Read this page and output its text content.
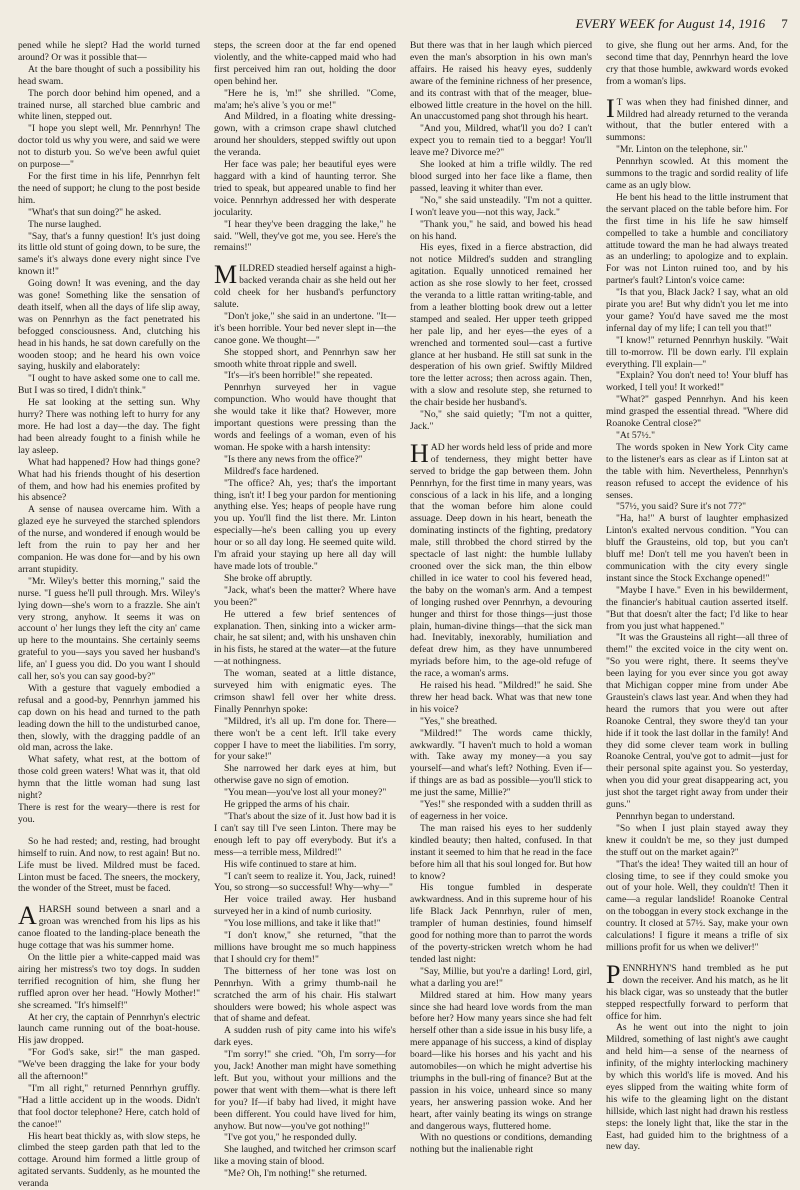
EVERY WEEK for August 14, 1916 7

pened while he slept? Had the world turned around? Or was it possible that—

At the bare thought of such a possibility his head swam.

The porch door behind him opened, and a trained nurse, all starched blue cambric and white linen, stepped out.

"I hope you slept well, Mr. Pennrhyn! The doctor told us why you were, and said we were not to disturb you. So we've been awful quiet on purpose—"

For the first time in his life, Pennrhyn felt the need of support; he clung to the post beside him.

"What's that sun doing?" he asked.

The nurse laughed.

"Say, that's a funny question! It's just doing its little old stunt of going down, to be sure, the same's it's always done every night since I've known it!"

Going down! It was evening, and the day was gone! Something like the sensation of death itself, when all the days of life slip away, was on Pennrhyn as the fact penetrated his befogged consciousness. And, clutching his head in his hands, he sat down carefully on the wooden stoop; and he heard his own voice saying, huskily and elaborately:

"I ought to have asked some one to call me. But I was so tired, I didn't think."

He sat looking at the setting sun. Why hurry? There was nothing left to hurry for any more. He had lost a day—the day. The fight had been already fought to a finish while he lay asleep.

What had happened? How had things gone? What had his friends thought of his desertion of them, and how had his enemies profited by his absence?

A sense of nausea overcame him. With a glazed eye he surveyed the starched splendors of the nurse, and wondered if enough would be left from the ruin to pay her and her companion. He was done for—and by his own arrant stupidity.

"Mr. Wiley's better this morning," said the nurse. "I guess he'll pull through. Mrs. Wiley's lying down—she's worn to a frazzle. She ain't very strong, anyhow. It seems it was on account o' her lungs they left the city an' came up here to the mountains. She certainly seems grateful to you—says you saved her husband's life, an' I guess you did. Do you want I should call her, so's you can say good-by?"

With a gesture that vaguely embodied a refusal and a good-by, Pennrhyn jammed his cap down on his head and turned to the path leading down the hill to the undisturbed canoe, then, slowly, with the dragging paddle of an old man, across the lake.

What safety, what rest, at the bottom of those cold green waters! What was it, that old hymn that the little woman had sung last night?

There is rest for the weary—there is rest for you.

So he had rested; and, resting, had brought himself to ruin. And now, to rest again! But no. Life must be lived. Mildred must be faced. Linton must be faced. The sneers, the mockery, the wonder of the Street, must be faced.

AHARSH sound between a snarl and a groan was wrenched from his lips as his canoe floated to the landing-place beneath the huge cottage that was his summer home.

On the little pier a white-capped maid was airing her mistress's two toy dogs. In sudden terrified recognition of him, she flung her ruffled apron over her head. "Howly Mother!" she screamed. "It's himself!"

At her cry, the captain of Pennrhyn's electric launch came running out of the boat-house. His jaw dropped.

"For God's sake, sir!" the man gasped. "We've been dragging the lake for your body all the afternoon!"

"I'm all right," returned Pennrhyn gruffly. "Had a little accident up in the woods. Didn't that fool doctor telephone? Here, catch hold of the canoe!"

His heart beat thickly as, with slow steps, he climbed the steep garden path that led to the cottage. Around him formed a little group of agitated servants. Suddenly, as he mounted the veranda

steps, the screen door at the far end opened violently, and the white-capped maid who had first perceived him ran out, holding the door open behind her.

"Here he is, 'm!" she shrilled. "Come, ma'am; he's alive 's you or me!"

And Mildred, in a floating white dressing-gown, with a crimson crape shawl clutched around her shoulders, stepped swiftly out upon the veranda.

Her face was pale; her beautiful eyes were haggard with a kind of haunting terror. She tried to speak, but appeared unable to find her voice. Pennrhyn addressed her with desperate jocularity.

"I hear they've been dragging the lake," he said. "Well, they've got me, you see. Here's the remains!"

MILDRED steadied herself against a high-backed veranda chair as she held out her cold cheek for her husband's perfunctory salute.

"Don't joke," she said in an undertone. "It—it's been horrible. Your bed never slept in—the canoe gone. We thought—"

She stopped short, and Pennrhyn saw her smooth white throat ripple and swell.

"It's—it's been horrible!" she repeated.

Pennrhyn surveyed her in vague compunction. Who would have thought that she would take it like that? However, more important questions were pressing than the words and feelings of a woman, even of his woman. He spoke with a harsh intensity:

"Is there any news from the office?"

Mildred's face hardened.

"The office? Ah, yes; that's the important thing, isn't it! I beg your pardon for mentioning anything else. Yes; heaps of people have rung you up. You'll find the list there. Mr. Linton especially—he's been calling you up every hour or so all day long. He seemed quite wild. I'm afraid your staying up here all day will have made lots of trouble."

She broke off abruptly.

"Jack, what's been the matter? Where have you been?"

He uttered a few brief sentences of explanation. Then, sinking into a wicker arm-chair, he sat silent; and, with his unshaven chin in his fists, he stared at the water—at the future—at nothingness.

The woman, seated at a little distance, surveyed him with enigmatic eyes. The crimson shawl fell over her white dress. Finally Pennrhyn spoke:

"Mildred, it's all up. I'm done for. There—there won't be a cent left. It'll take every copper I have to meet the liabilities. I'm sorry, for your sake!"

She narrowed her dark eyes at him, but otherwise gave no sign of emotion.

"You mean—you've lost all your money?"

He gripped the arms of his chair.

"That's about the size of it. Just how bad it is I can't say till I've seen Linton. There may be enough left to pay off everybody. But it's a mess—a terrible mess, Mildred!"

His wife continued to stare at him.

"I can't seem to realize it. You, Jack, ruined! You, so strong—so successful! Why—why—"

Her voice trailed away. Her husband surveyed her in a kind of numb curiosity.

"You lose millions, and take it like that!"

"I don't know," she returned, "that the millions have brought me so much happiness that I should cry for them!"

The bitterness of her tone was lost on Pennrhyn. With a grimy thumb-nail he scratched the arm of his chair. His stalwart shoulders were bowed; his whole aspect was that of shame and defeat.

A sudden rush of pity came into his wife's dark eyes.

"I'm sorry!" she cried. "Oh, I'm sorry—for you, Jack! Another man might have something left. But you, without your millions and the power that went with them—what is there left for you? If—if baby had lived, it might have been different. You could have lived for him, anyhow. But now—you've got nothing!"

"I've got you," he responded dully.

She laughed, and twitched her crimson scarf like a moving stain of blood.

"Me? Oh, I'm nothing!" she returned.

But there was that in her laugh which pierced even the man's absorption in his own man's affairs. He raised his heavy eyes, suddenly aware of the feminine richness of her presence, and its contrast with that of the meager, blue-elbowed little creature in the hovel on the hill. An unaccustomed pang shot through his heart.

"And you, Mildred, what'll you do? I can't expect you to remain tied to a beggar! You'll leave me? Divorce me?"

She looked at him a trifle wildly. The red blood surged into her face like a flame, then passed, leaving it whiter than ever.

"No," she said unsteadily. "I'm not a quitter. I won't leave you—not this way, Jack."

"Thank you," he said, and bowed his head on his hand.

His eyes, fixed in a fierce abstraction, did not notice Mildred's sudden and strangling agitation. Equally unnoticed remained her action as she rose slowly to her feet, crossed the veranda to a little rattan writing-table, and from a leather blotting book drew out a letter stamped and sealed. Her upper teeth gripped her pale lip, and her eyes—the eyes of a wrenched and tormented soul—cast a furtive glance at her husband. He still sat sunk in the desperation of his own grief. Swiftly Mildred tore the letter across; then across again. Then, with a slow and resolute step, she returned to the chair beside her husband's.

"No," she said quietly; "I'm not a quitter, Jack."

HAD her words held less of pride and more of tenderness, they might better have served to bridge the gap between them. John Pennrhyn, for the first time in many years, was conscious of a lack in his life, and a longing that the woman before him alone could assuage. Deep down in his heart, beneath the dominating instincts of the fighting, predatory male, still throbbed the chord stirred by the spectacle of last night: the humble lullaby crooned over the sick man, the thin elbow chilled in ice water to cool his fevered head, the baby on the woman's arm. And a tempest of longing rushed over Pennrhyn, a devouring hunger and thirst for those things—just those plain, human-divine things—that the sick man had. Inevitably, inexorably, humiliation and defeat drew him, as they have unnumbered myriads before him, to the age-old refuge of the race, a woman's arms.

He raised his head. "Mildred!" he said. She threw her head back. What was that new tone in his voice?

"Yes," she breathed.

"Mildred!" The words came thickly, awkwardly. "I haven't much to hold a woman with. Take away my money—a you say yourself—and what's left? Nothing. Even if—if things are as bad as possible—you'll stick to me just the same, Millie?"

"Yes!" she responded with a sudden thrill as of eagerness in her voice.

The man raised his eyes to her suddenly kindled beauty; then halted, confused. In that instant it seemed to him that he read in the face before him all that his soul longed for. But how to know?

His tongue fumbled in desperate awkwardness. And in this supreme hour of his life Black Jack Pennrhyn, ruler of men, trampler of human destinies, found himself good for nothing more than to parrot the words of the poverty-stricken wretch whom he had tended last night:

"Say, Millie, but you're a darling! Lord, girl, what a darling you are!"

Mildred stared at him. How many years since she had heard love words from the man before her? How many years since she had felt herself other than a side issue in his busy life, a mere appanage of his success, a kind of display board—like his horses and his yacht and his automobiles—on which he might advertise his triumphs in the bull-ring of finance? But at the passion in his voice, unheard since so many years, her answering passion woke. And her heart, after vainly beating its wings on strange and dangerous ways, fluttered home.

With no questions or conditions, demanding nothing but the inalienable right

to give, she flung out her arms. And, for the second time that day, Pennrhyn heard the love cry that those humble, awkward words evoked from a woman's lips.

IT was when they had finished dinner, and Mildred had already returned to the veranda without, that the butler entered with a summons:

"Mr. Linton on the telephone, sir."

Pennrhyn scowled. At this moment the summons to the tragic and sordid reality of life came as an ugly blow.

He bent his head to the little instrument that the servant placed on the table before him. For the first time in his life he saw himself compelled to take a humble and conciliatory attitude toward the man he had always treated as an underling; to apologize and to explain. For was not Linton ruined too, and by his partner's fault? Linton's voice came:

"Is that you, Black Jack? I say, what an old pirate you are! But why didn't you let me into your game? You'd have saved me the most infernal day of my life; I can tell you that!"

"I know!" returned Pennrhyn huskily. "Wait till to-morrow. I'll be down early. I'll explain everything. I'll explain—"

"Explain? You don't need to! Your bluff has worked, I tell you! It worked!"

"What?" gasped Pennrhyn. And his keen mind grasped the essential thread. "Where did Roanoke Central close?"

"At 57½."

The words spoken in New York City came to the listener's ears as clear as if Linton sat at the table with him. Nevertheless, Pennrhyn's reason refused to accept the evidence of his senses.

"57½, you said? Sure it's not 77?"

"Ha, ha!" A burst of laughter emphasized Linton's exalted nervous condition. "You can bluff the Grausteins, old top, but you can't bluff me! Don't tell me you haven't been in communication with the city every single instant since the Stock Exchange opened!"

"Maybe I have." Even in his bewilderment, the financier's habitual caution asserted itself. "But that doesn't alter the fact; I'd like to hear from you just what happened."

"It was the Grausteins all right—all three of them!" the excited voice in the city went on. "So you were right, there. It seems they've been laying for you ever since you got away that Michigan copper mine from under Abe Graustein's claws last year. And when they had heard the rumors that you were out after Roanoke Central, they swore they'd tan your hide if it took the last dollar in the family! And they did some clever team work in bulling Roanoke Central, you've got to admit—just for their personal spite against you. So yesterday, when you did your great disappearing act, you just shot the target right away from under their guns."

Pennrhyn began to understand.

"So when I just plain stayed away they knew it couldn't be me, so they just dumped the stuff out on the market again?"

"That's the idea! They waited till an hour of closing time, to see if they could smoke you out of your hole. Well, they couldn't! Then it came—a regular landslide! Roanoke Central on the toboggan in every stock exchange in the country. It closed at 57½. Say, make your own calculations! I figure it means a trifle of six millions profit for us when we deliver!"

PENNRHYN'S hand trembled as he put down the receiver. And his match, as he lit his black cigar, was so unsteady that the butler stepped respectfully forward to perform that office for him.

As he went out into the night to join Mildred, something of last night's awe caught and held him—a sense of the nearness of infinity, of the mighty interlocking machinery by which this world's life is moved. And his eyes slipped from the waiting white form of his wife to the gleaming light on the distant hillside, which last night had drawn his restless steps: the lonely light that, like the star in the East, had guided him to the brightness of a new day.
